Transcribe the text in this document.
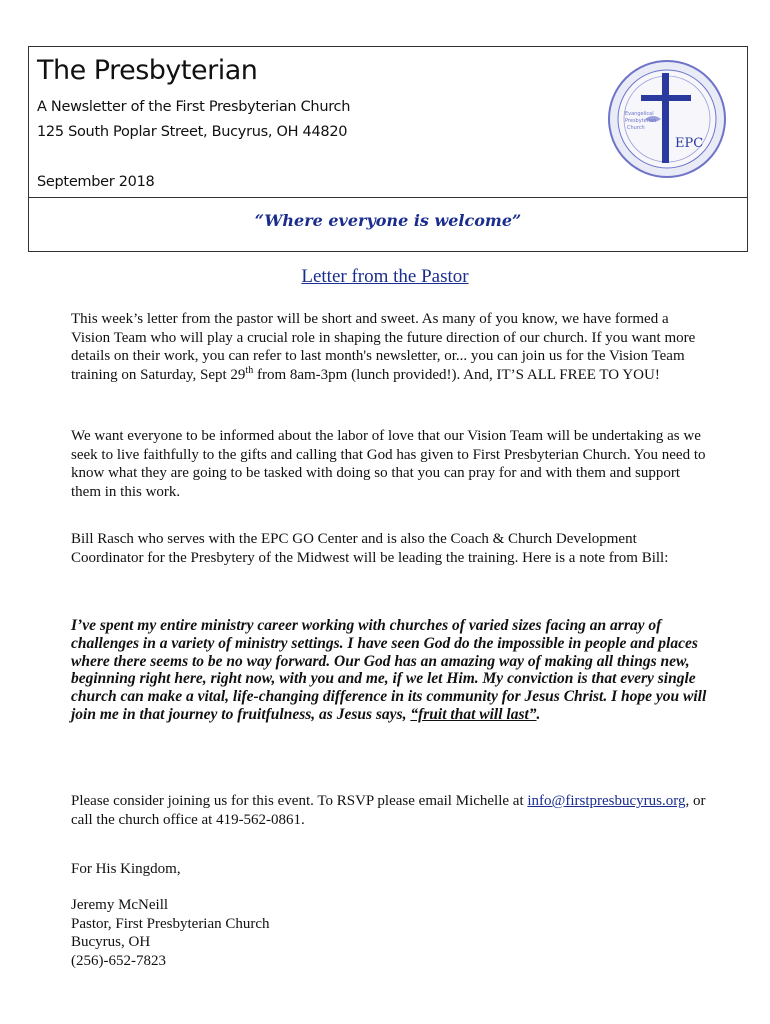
The Presbyterian
A Newsletter of the First Presbyterian Church
125 South Poplar Street, Bucyrus, OH 44820
September 2018
Evangelical
Presbyterian
Church
EPC
“Where everyone is welcome”
Letter from the Pastor
This week’s letter from the pastor will be short and sweet. As many of you know, we have formed a Vision Team who will play a crucial role in shaping the future direction of our church. If you want more details on their work, you can refer to last month's newsletter, or... you can join us for the Vision Team training on Saturday, Sept 29th from 8am-3pm (lunch provided!). And, IT’S ALL FREE TO YOU!
We want everyone to be informed about the labor of love that our Vision Team will be undertaking as we seek to live faithfully to the gifts and calling that God has given to First Presbyterian Church. You need to know what they are going to be tasked with doing so that you can pray for and with them and support them in this work.
Bill Rasch who serves with the EPC GO Center and is also the Coach & Church Development Coordinator for the Presbytery of the Midwest will be leading the training. Here is a note from Bill:
I’ve spent my entire ministry career working with churches of varied sizes facing an array of challenges in a variety of ministry settings. I have seen God do the impossible in people and places where there seems to be no way forward. Our God has an amazing way of making all things new, beginning right here, right now, with you and me, if we let Him. My conviction is that every single church can make a vital, life-changing difference in its community for Jesus Christ. I hope you will join me in that journey to fruitfulness, as Jesus says, “fruit that will last”.
Please consider joining us for this event. To RSVP please email Michelle at info@firstpresbucyrus.org, or call the church office at 419-562-0861.
For His Kingdom,
Jeremy McNeill
Pastor, First Presbyterian Church
Bucyrus, OH
(256)-652-7823
